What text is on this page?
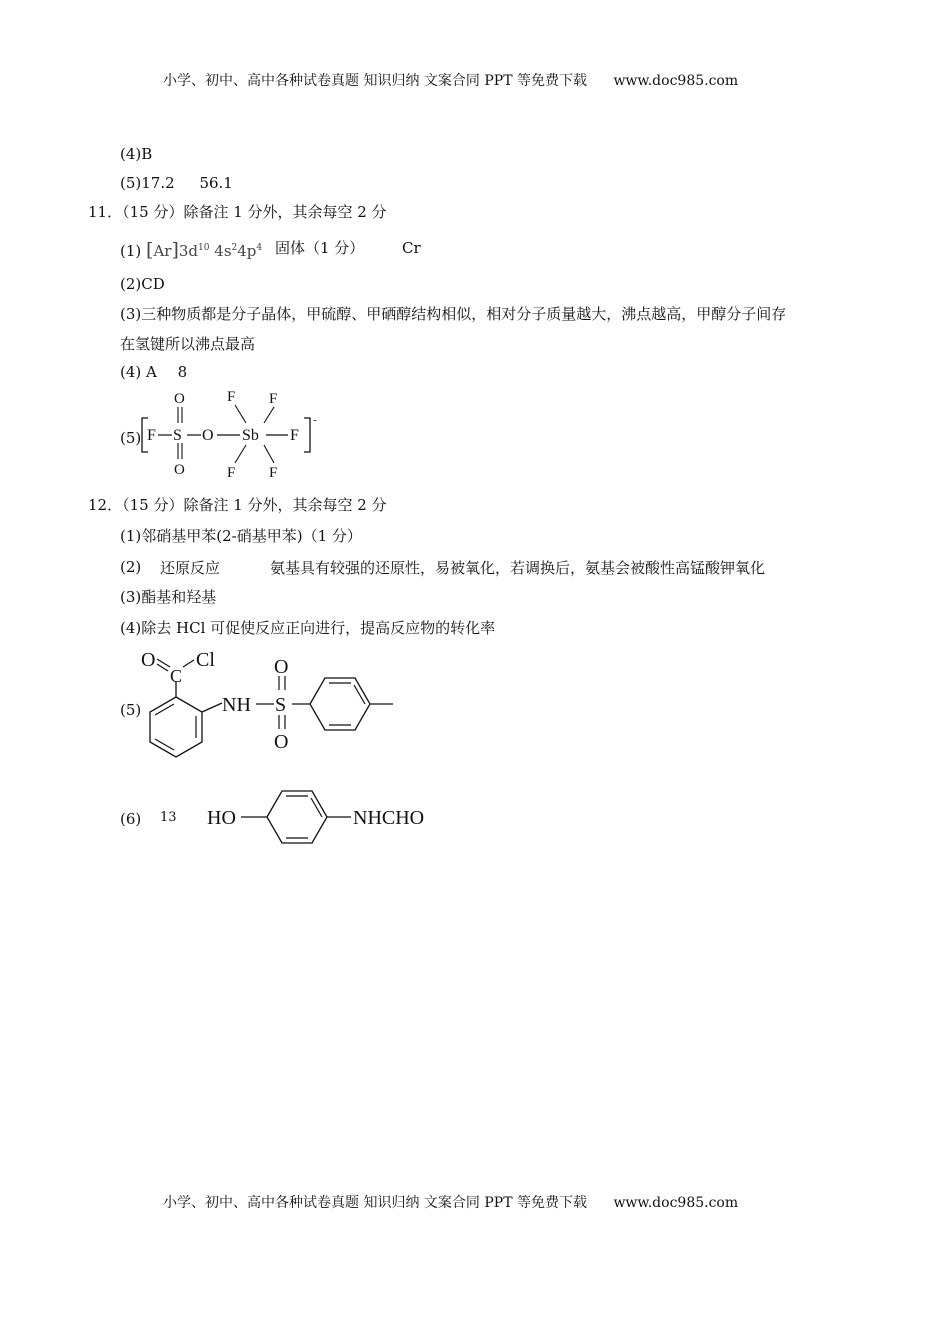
小学、初中、高中各种试卷真题 知识归纳 文案合同 PPT 等免费下载 www.doc985.com
(4)B
(5)17.2 56.1
11．（15 分）除备注 1 分外，其余每空 2 分
(1) $[Ar]3d^{10}$ $4s^24p^4$ 固体（1 分）	Cr
(2)CD
(3)三种物质都是分子晶体，甲硫醇、甲硒醇结构相似，相对分子质量越大，沸点越高，甲醇分子间存
在氢键所以沸点最高
(4) A 8
(5) F S
O
O
O Sb
F F
F
F F
-
12．（15 分）除备注 1 分外，其余每空 2 分
(1)邻硝基甲苯(2-硝基甲苯)（1 分）
(2) 还原反应	氨基具有较强的还原性，易被氧化，若调换后，氨基会被酸性高锰酸钾氧化
(3)酯基和羟基
(4)除去 HCl 可促使反应正向进行，提高反应物的转化率
(5)
C
O Cl
NH S
O
O
(6) 13 HO	NHCHO
小学、初中、高中各种试卷真题 知识归纳 文案合同 PPT 等免费下载 www.doc985.com
